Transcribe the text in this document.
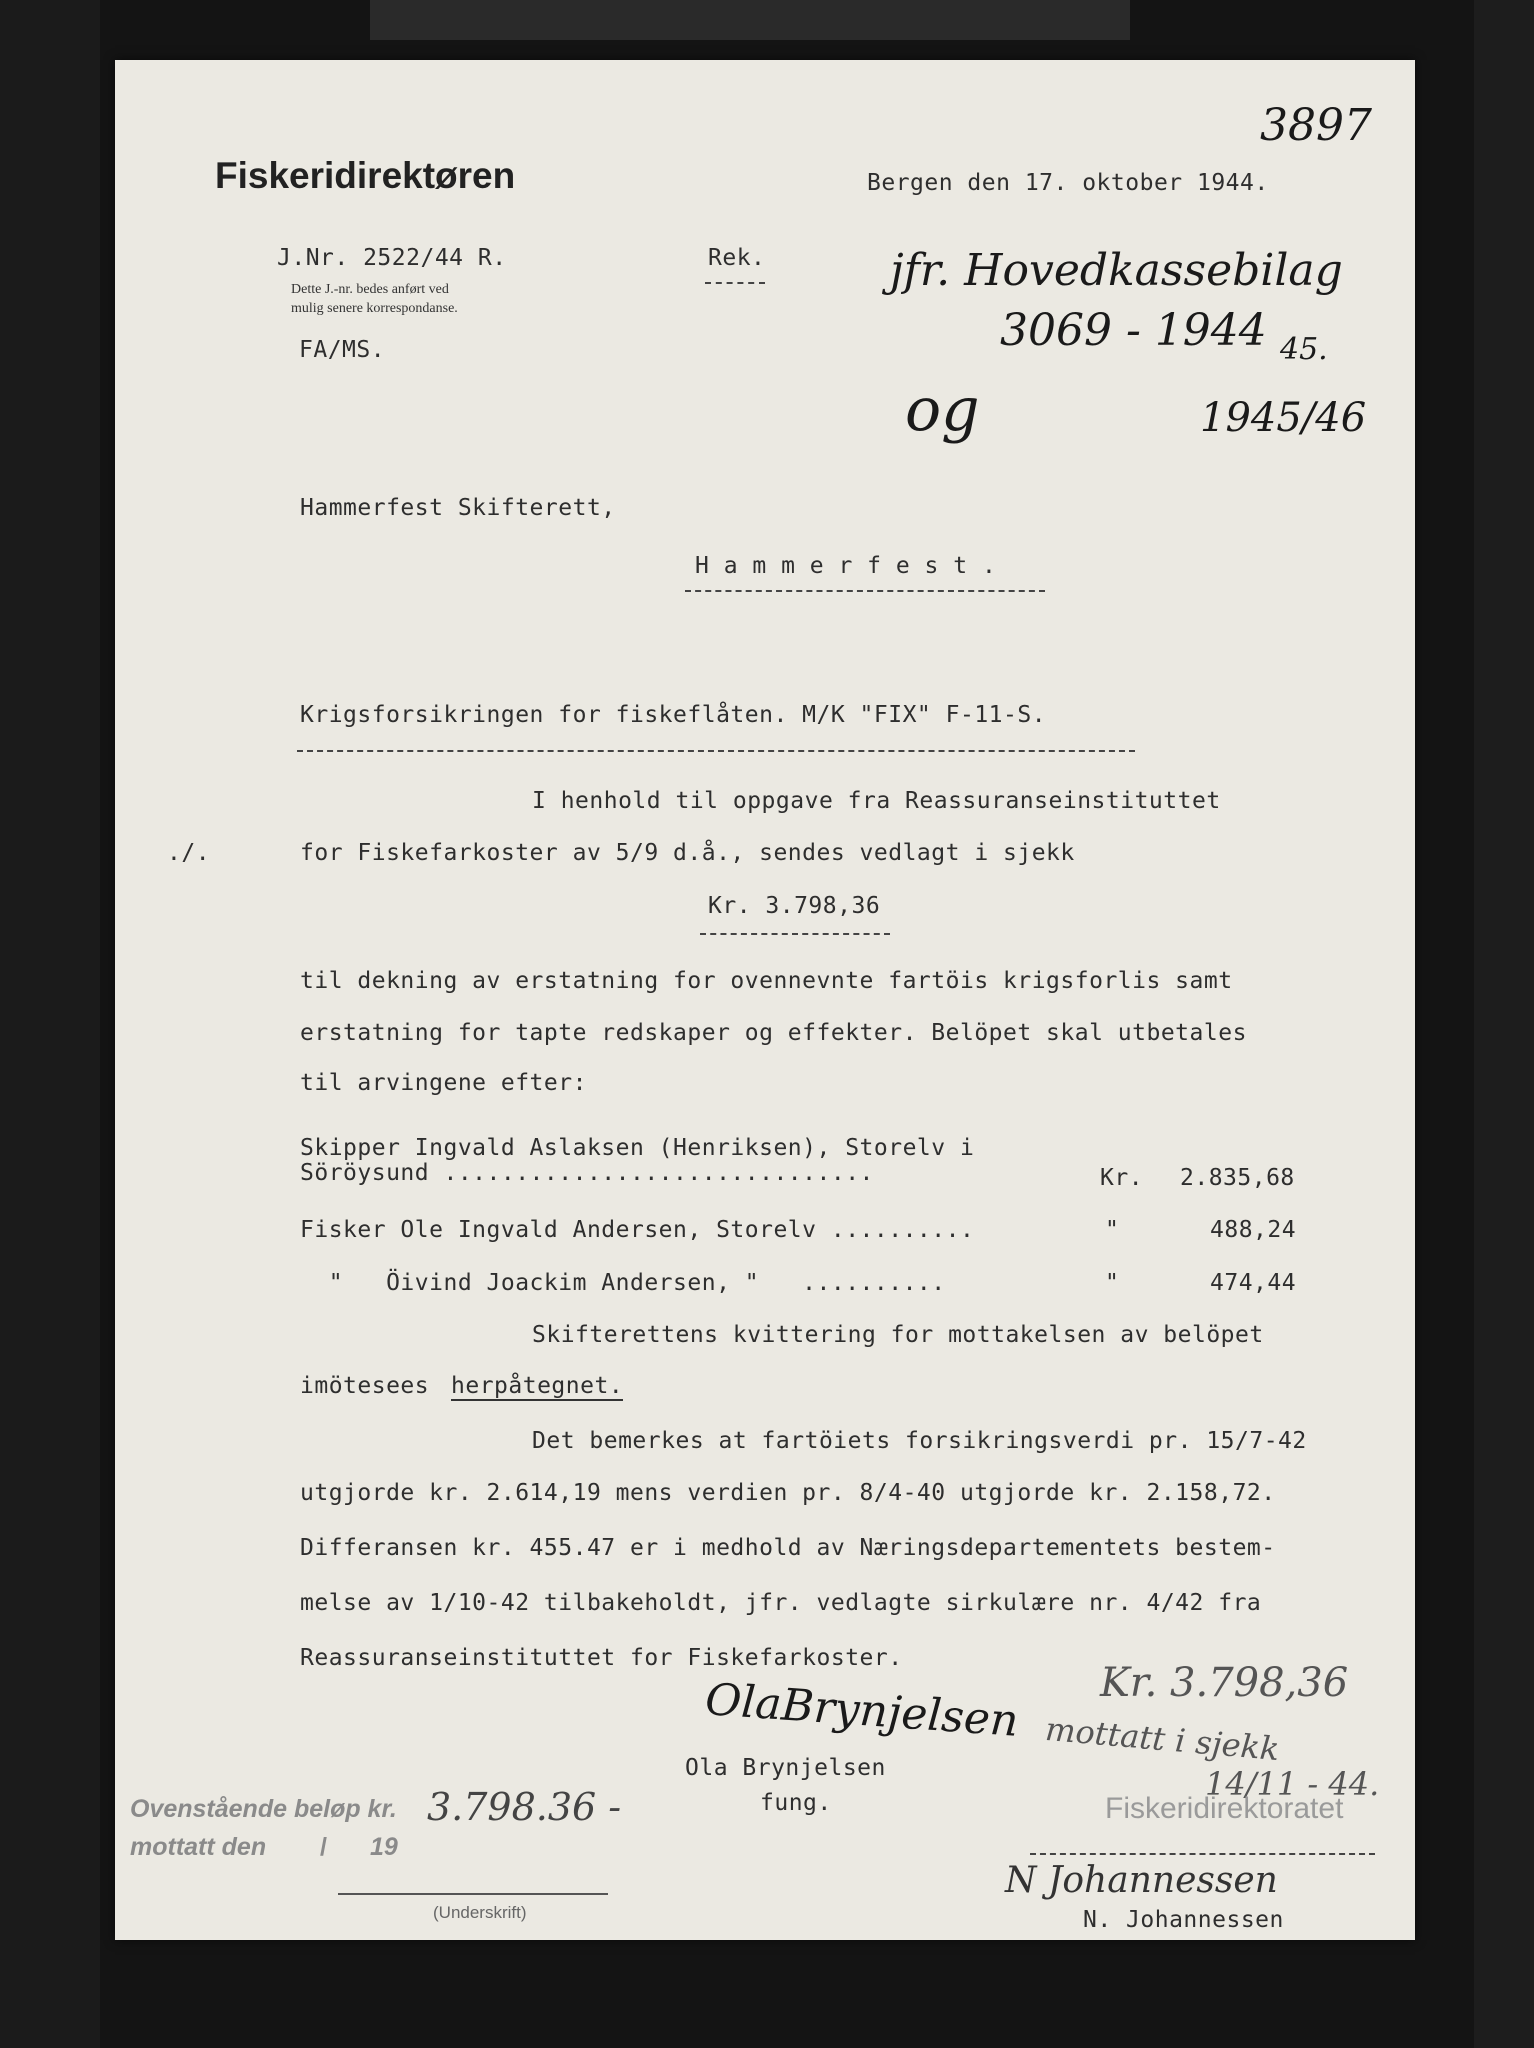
3897
Fiskeridirektøren	Bergen den 17. oktober 1944.
J.Nr. 2522/44 R.
Dette J.-nr. bedes anført ved
mulig senere korrespondanse.
FA/MS.
Rek.	jfr. Hovedkassebilag
3069 - 1944 45.
og	1945/46
Hammerfest Skifterett,
H a m m e r f e s t .
Krigsforsikringen for fiskeflåten. M/K "FIX" F-11-S.
I henhold til oppgave fra Reassuranseinstituttet
./.	for Fiskefarkoster av 5/9 d.å., sendes vedlagt i sjekk
Kr. 3.798,36
til dekning av erstatning for ovennevnte fartöis krigsforlis samt
erstatning for tapte redskaper og effekter. Belöpet skal utbetales
til arvingene efter:
Skipper Ingvald Aslaksen (Henriksen), Storelv i
Söröysund ..............................	Kr. 2.835,68
Fisker Ole Ingvald Andersen, Storelv ..........	"	488,24
"   Öivind Joackim Andersen, "   ..........	"	474,44
Skifterettens kvittering for mottakelsen av belöpet
imötesees herpåtegnet.
Det bemerkes at fartöiets forsikringsverdi pr. 15/7-42
utgjorde kr. 2.614,19 mens verdien pr. 8/4-40 utgjorde kr. 2.158,72.
Differansen kr. 455.47 er i medhold av Næringsdepartementets bestem-
melse av 1/10-42 tilbakeholdt, jfr. vedlagte sirkulære nr. 4/42 fra
Reassuranseinstituttet for Fiskefarkoster.
OlaBrynjelsen
Ola Brynjelsen
fung.
Kr. 3.798,36
mottatt i sjekk
14/11 - 44.
Ovenstående beløp kr. 3.798.36 -
mottatt den / 19
(Underskrift)
Fiskeridirektoratet
N Johannessen
N. Johannessen
